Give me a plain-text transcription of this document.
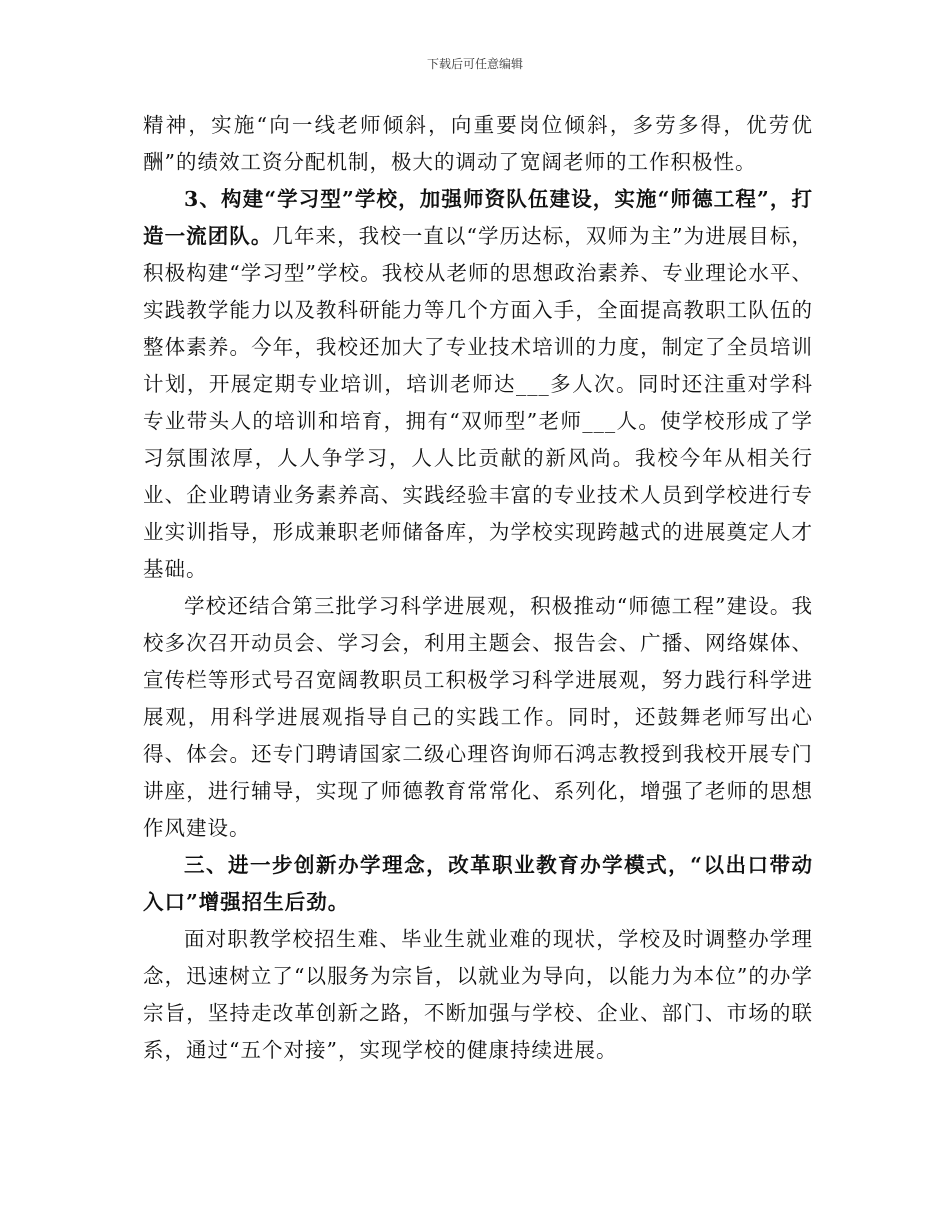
下载后可任意编辑

精神，实施“向一线老师倾斜，向重要岗位倾斜，多劳多得，优劳优酬”的绩效工资分配机制，极大的调动了宽阔老师的工作积极性。

3、构建“学习型”学校，加强师资队伍建设，实施“师德工程”，打造一流团队。几年来，我校一直以“学历达标，双师为主”为进展目标，积极构建“学习型”学校。我校从老师的思想政治素养、专业理论水平、实践教学能力以及教科研能力等几个方面入手，全面提高教职工队伍的整体素养。今年，我校还加大了专业技术培训的力度，制定了全员培训计划，开展定期专业培训，培训老师达___多人次。同时还注重对学科专业带头人的培训和培育，拥有“双师型”老师___人。使学校形成了学习氛围浓厚，人人争学习，人人比贡献的新风尚。我校今年从相关行业、企业聘请业务素养高、实践经验丰富的专业技术人员到学校进行专业实训指导，形成兼职老师储备库，为学校实现跨越式的进展奠定人才基础。

学校还结合第三批学习科学进展观，积极推动“师德工程”建设。我校多次召开动员会、学习会，利用主题会、报告会、广播、网络媒体、宣传栏等形式号召宽阔教职员工积极学习科学进展观，努力践行科学进展观，用科学进展观指导自己的实践工作。同时，还鼓舞老师写出心得、体会。还专门聘请国家二级心理咨询师石鸿志教授到我校开展专门讲座，进行辅导，实现了师德教育常常化、系列化，增强了老师的思想作风建设。

三、进一步创新办学理念，改革职业教育办学模式，“以出口带动入口”增强招生后劲。

面对职教学校招生难、毕业生就业难的现状，学校及时调整办学理念，迅速树立了“以服务为宗旨，以就业为导向，以能力为本位”的办学宗旨，坚持走改革创新之路，不断加强与学校、企业、部门、市场的联系，通过“五个对接”，实现学校的健康持续进展。
